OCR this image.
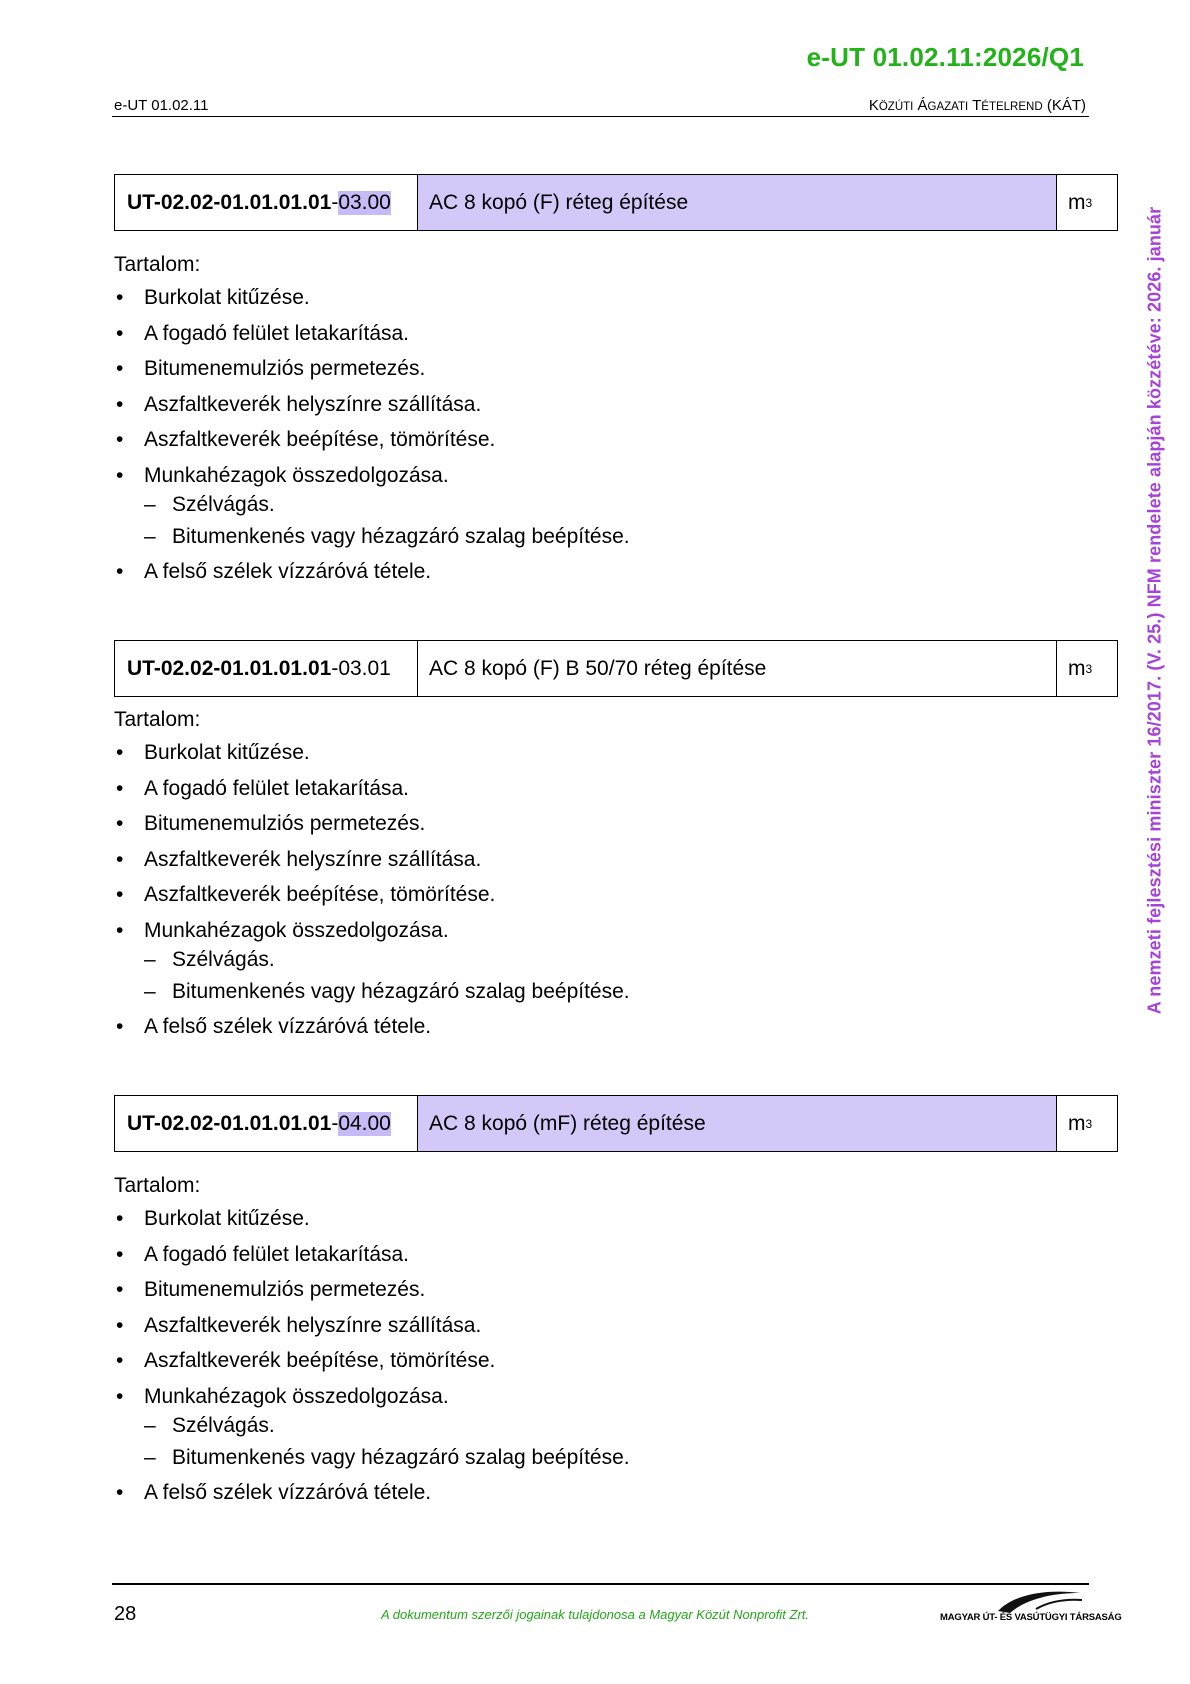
e-UT 01.02.11:2026/Q1
e-UT 01.02.11	KÖZÚTI ÁGAZATI TÉTELREND (KÁT)
A nemzeti fejlesztési miniszter 16/2017. (V. 25.) NFM rendelete alapján közzétéve: 2026. január
UT-02.02-01.01.01.01 - 03.00	AC 8 kopó (F) réteg építése	m 3
Tartalom:
• Burkolat kitűzése.
• A fogadó felület letakarítása.
• Bitumenemulziós permetezés.
• Aszfaltkeverék helyszínre szállítása.
• Aszfaltkeverék beépítése, tömörítése.
• Munkahézagok összedolgozása.
– Szélvágás.
– Bitumenkenés vagy hézagzáró szalag beépítése.
• A felső szélek vízzáróvá tétele.
UT-02.02-01.01.01.01 - 03.01	AC 8 kopó (F) B 50/70 réteg építése	m 3
Tartalom:
• Burkolat kitűzése.
• A fogadó felület letakarítása.
• Bitumenemulziós permetezés.
• Aszfaltkeverék helyszínre szállítása.
• Aszfaltkeverék beépítése, tömörítése.
• Munkahézagok összedolgozása.
– Szélvágás.
– Bitumenkenés vagy hézagzáró szalag beépítése.
• A felső szélek vízzáróvá tétele.
UT-02.02-01.01.01.01 - 04.00	AC 8 kopó (mF) réteg építése	m 3
Tartalom:
• Burkolat kitűzése.
• A fogadó felület letakarítása.
• Bitumenemulziós permetezés.
• Aszfaltkeverék helyszínre szállítása.
• Aszfaltkeverék beépítése, tömörítése.
• Munkahézagok összedolgozása.
– Szélvágás.
– Bitumenkenés vagy hézagzáró szalag beépítése.
• A felső szélek vízzáróvá tétele.
28	A dokumentum szerzői jogainak tulajdonosa a Magyar Közút Nonprofit Zrt.	MAGYAR ÚT- ÉS VASÚTÜGYI TÁRSASÁG
